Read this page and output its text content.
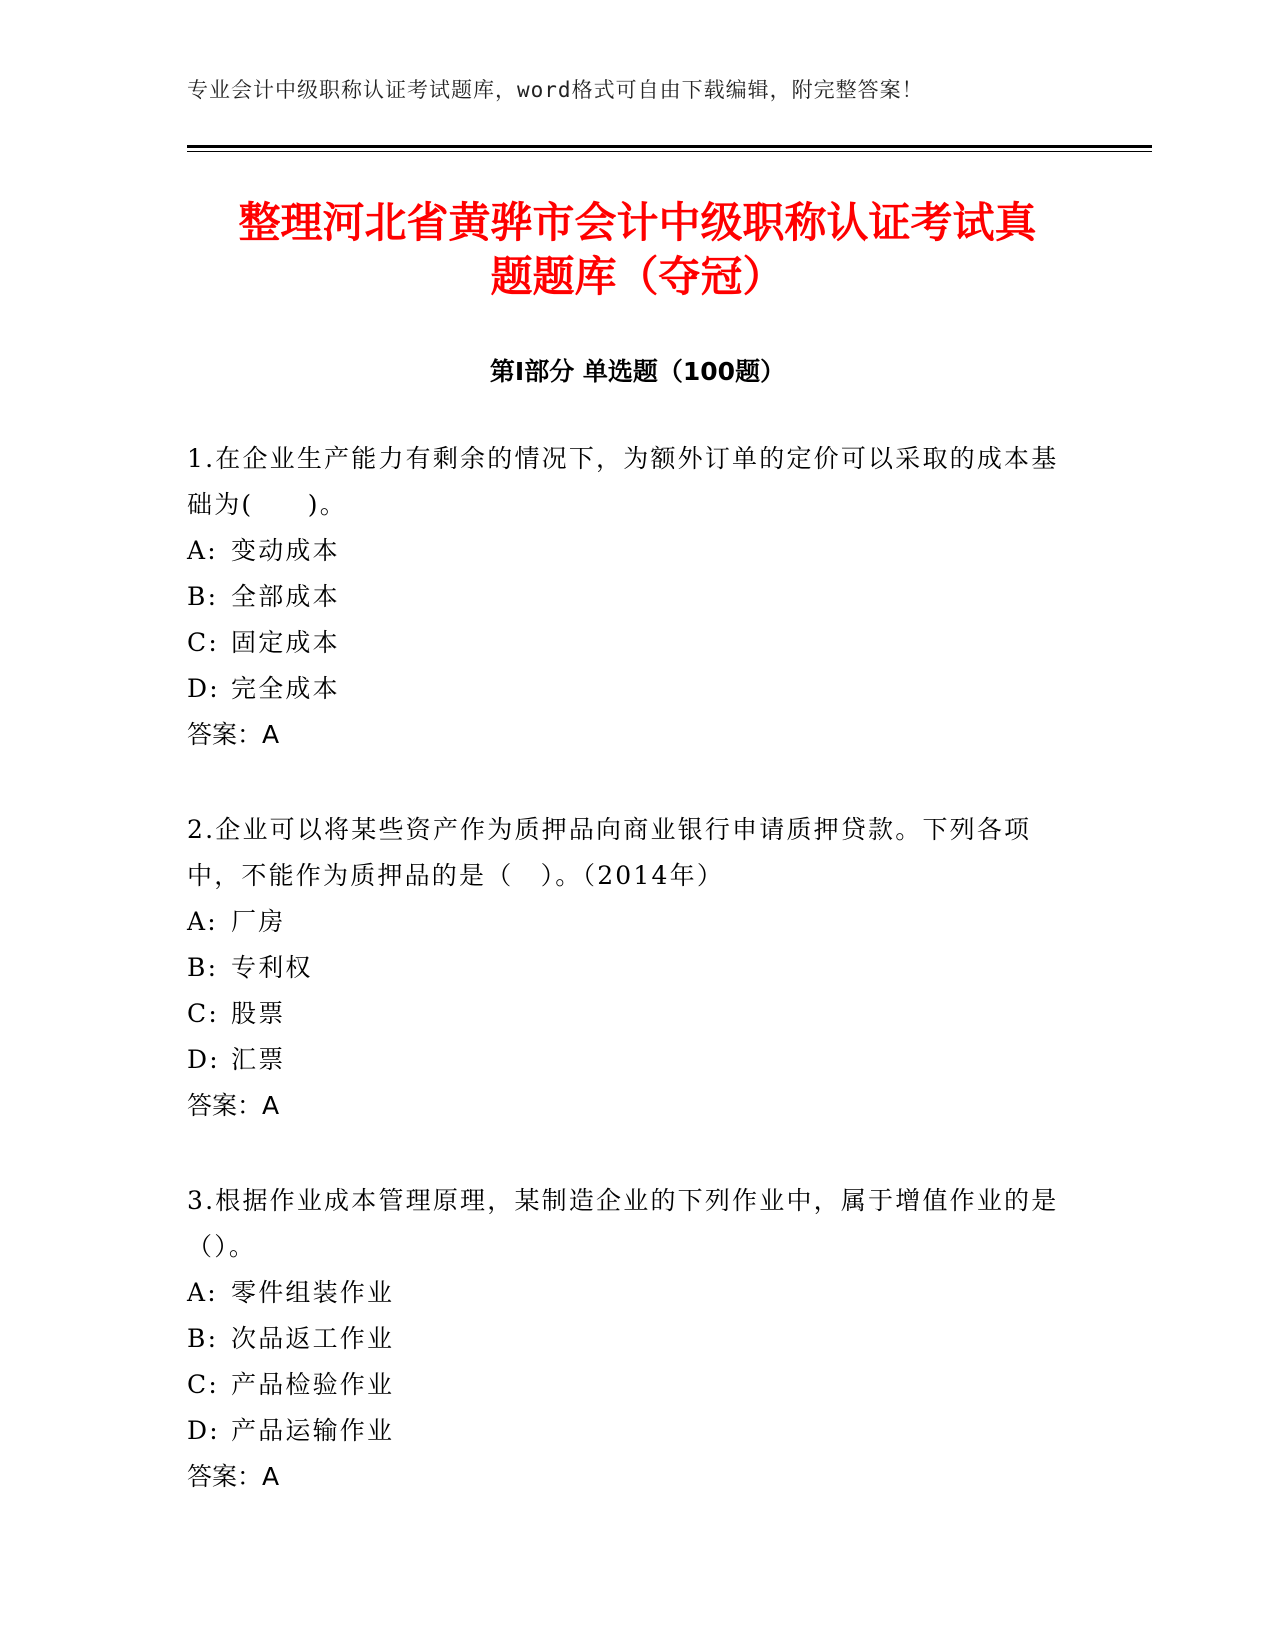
专业会计中级职称认证考试题库，word格式可自由下载编辑，附完整答案！
整理河北省黄骅市会计中级职称认证考试真
题题库（夺冠）
第Ⅰ部分 单选题（100题）

1.在企业生产能力有剩余的情况下，为额外订单的定价可以采取的成本基础为(　　)。

A: 变动成本

B: 全部成本

C: 固定成本

D: 完全成本

答案：A

2.企业可以将某些资产作为质押品向商业银行申请质押贷款。下列各项中，不能作为质押品的是（　）。（2014年）

A: 厂房

B: 专利权

C: 股票

D: 汇票

答案：A

3.根据作业成本管理原理，某制造企业的下列作业中，属于增值作业的是（）。

A: 零件组装作业

B: 次品返工作业

C: 产品检验作业

D: 产品运输作业

答案：A
